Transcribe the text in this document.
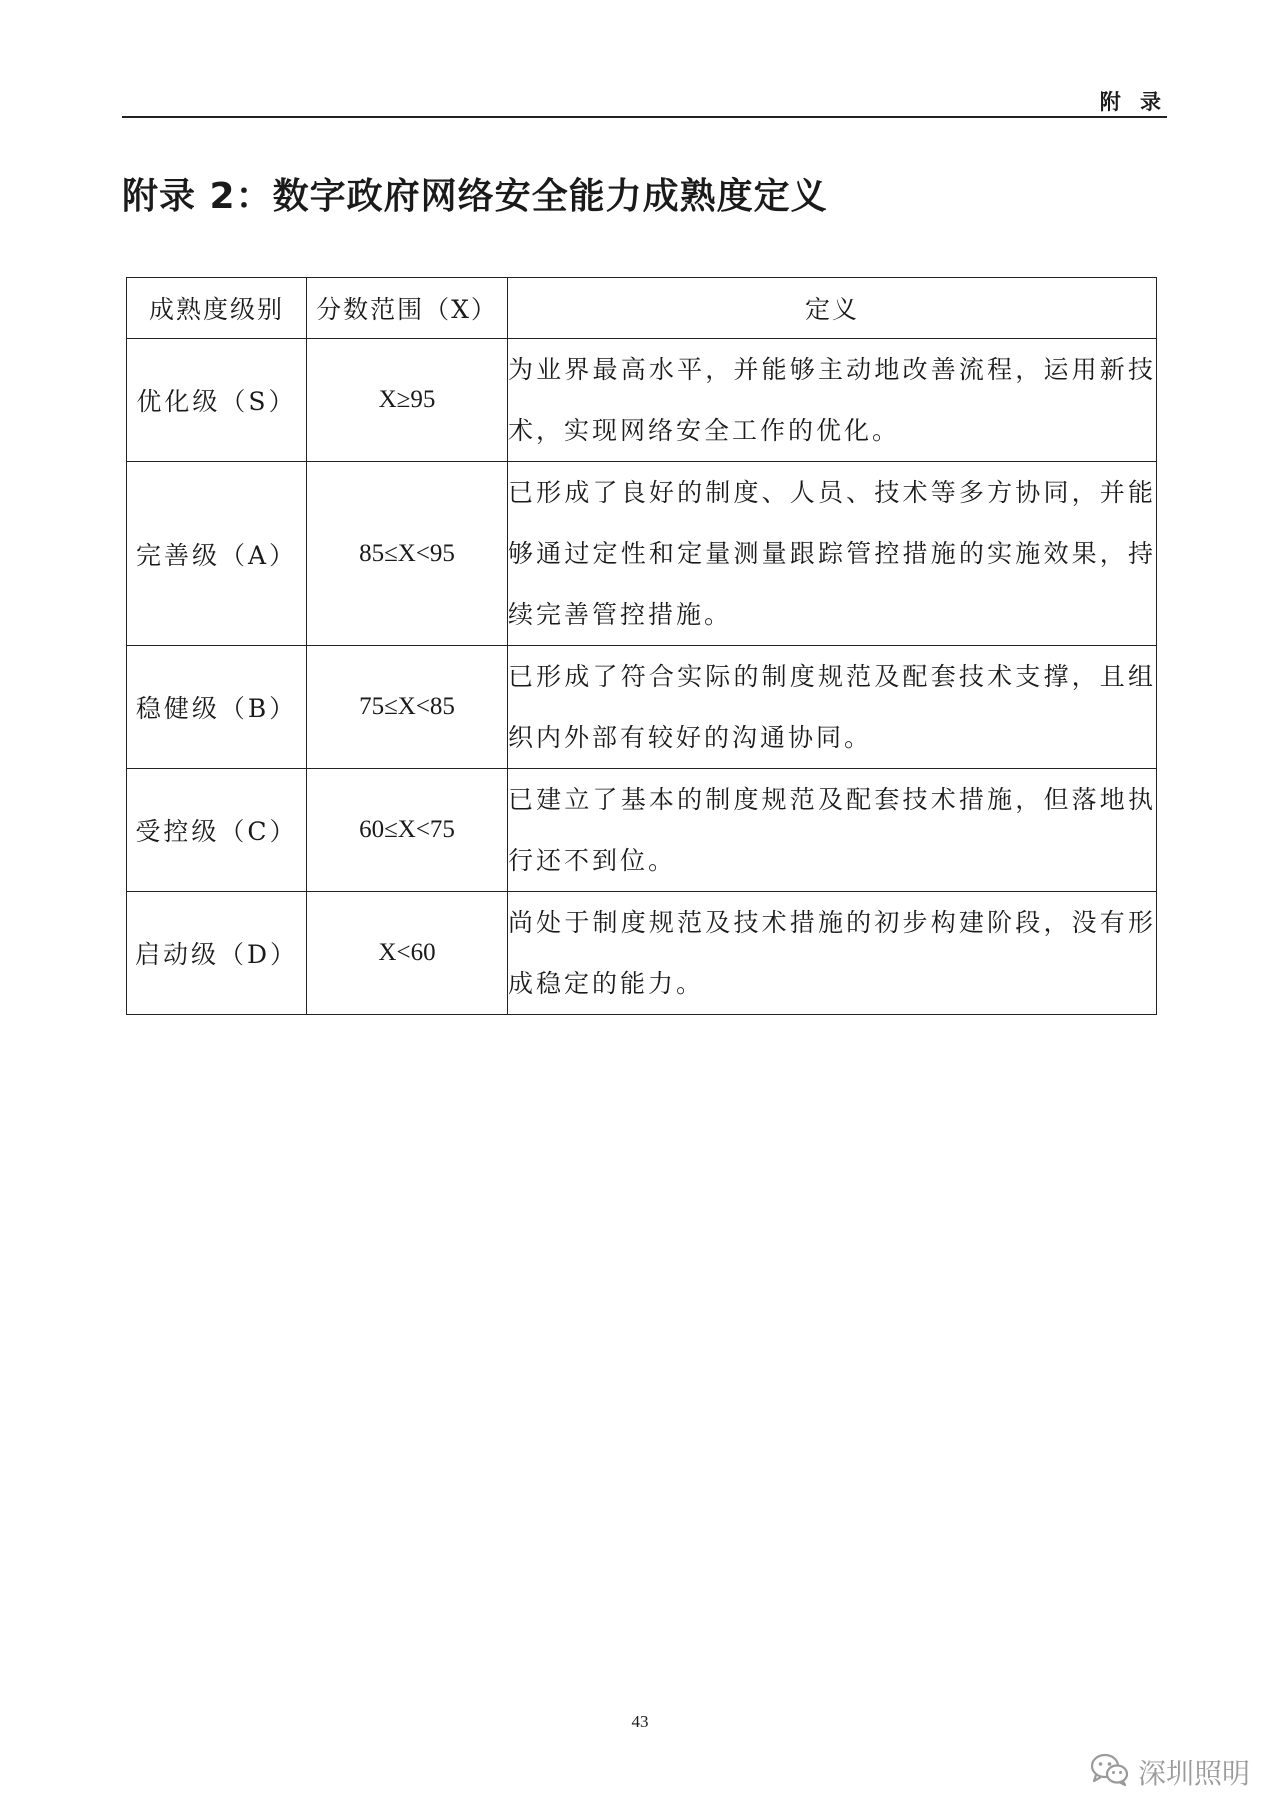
附 录
附录 2：数字政府网络安全能力成熟度定义
成熟度级别	分数范围（X）	定义
优化级（S）	X≥95	为业界最高水平，并能够主动地改善流程，运用新技术，实现网络安全工作的优化。
完善级（A）	85≤X<95	已形成了良好的制度、人员、技术等多方协同，并能够通过定性和定量测量跟踪管控措施的实施效果，持续完善管控措施。
稳健级（B）	75≤X<85	已形成了符合实际的制度规范及配套技术支撑，且组织内外部有较好的沟通协同。
受控级（C）	60≤X<75	已建立了基本的制度规范及配套技术措施，但落地执行还不到位。
启动级（D）	X<60	尚处于制度规范及技术措施的初步构建阶段，没有形成稳定的能力。
43
深圳照明
